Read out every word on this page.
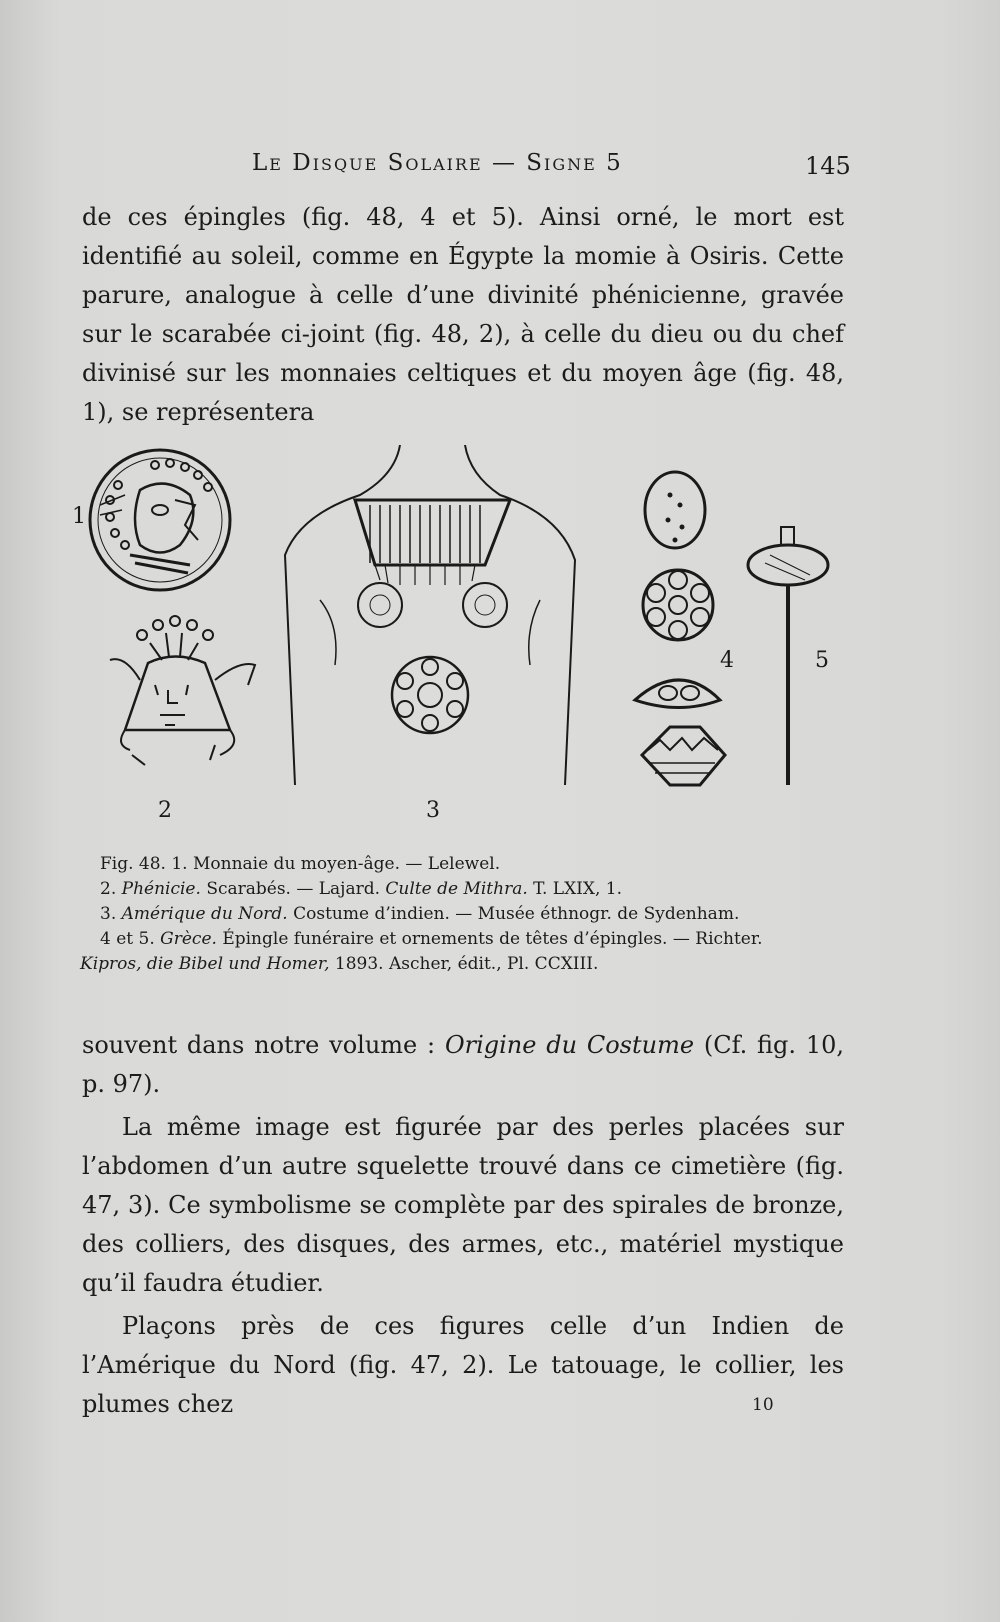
Le Disque Solaire — Signe 5	145

de ces épingles (fig. 48, 4 et 5). Ainsi orné, le mort est identifié au soleil, comme en Égypte la momie à Osiris. Cette parure, analogue à celle d’une divinité phénicienne, gravée sur le scarabée ci-joint (fig. 48, 2), à celle du dieu ou du chef divinisé sur les monnaies celtiques et du moyen âge (fig. 48, 1), se représentera

1
2	3
4	5
Fig. 48. 1. Monnaie du moyen-âge. — Lelewel.
2. Phénicie. Scarabés. — Lajard. Culte de Mithra. T. LXIX, 1.
3. Amérique du Nord. Costume d’indien. — Musée éthnogr. de Sydenham.
4 et 5. Grèce. Épingle funéraire et ornements de têtes d’épingles. — Richter.
Kipros, die Bibel und Homer, 1893. Ascher, édit., Pl. CCXIII.

souvent dans notre volume : Origine du Costume (Cf. fig. 10, p. 97).

La même image est figurée par des perles placées sur l’abdomen d’un autre squelette trouvé dans ce cimetière (fig. 47, 3). Ce symbolisme se complète par des spirales de bronze, des colliers, des disques, des armes, etc., matériel mystique qu’il faudra étudier.

Plaçons près de ces figures celle d’un Indien de l’Amérique du Nord (fig. 47, 2). Le tatouage, le collier, les plumes chez	10
